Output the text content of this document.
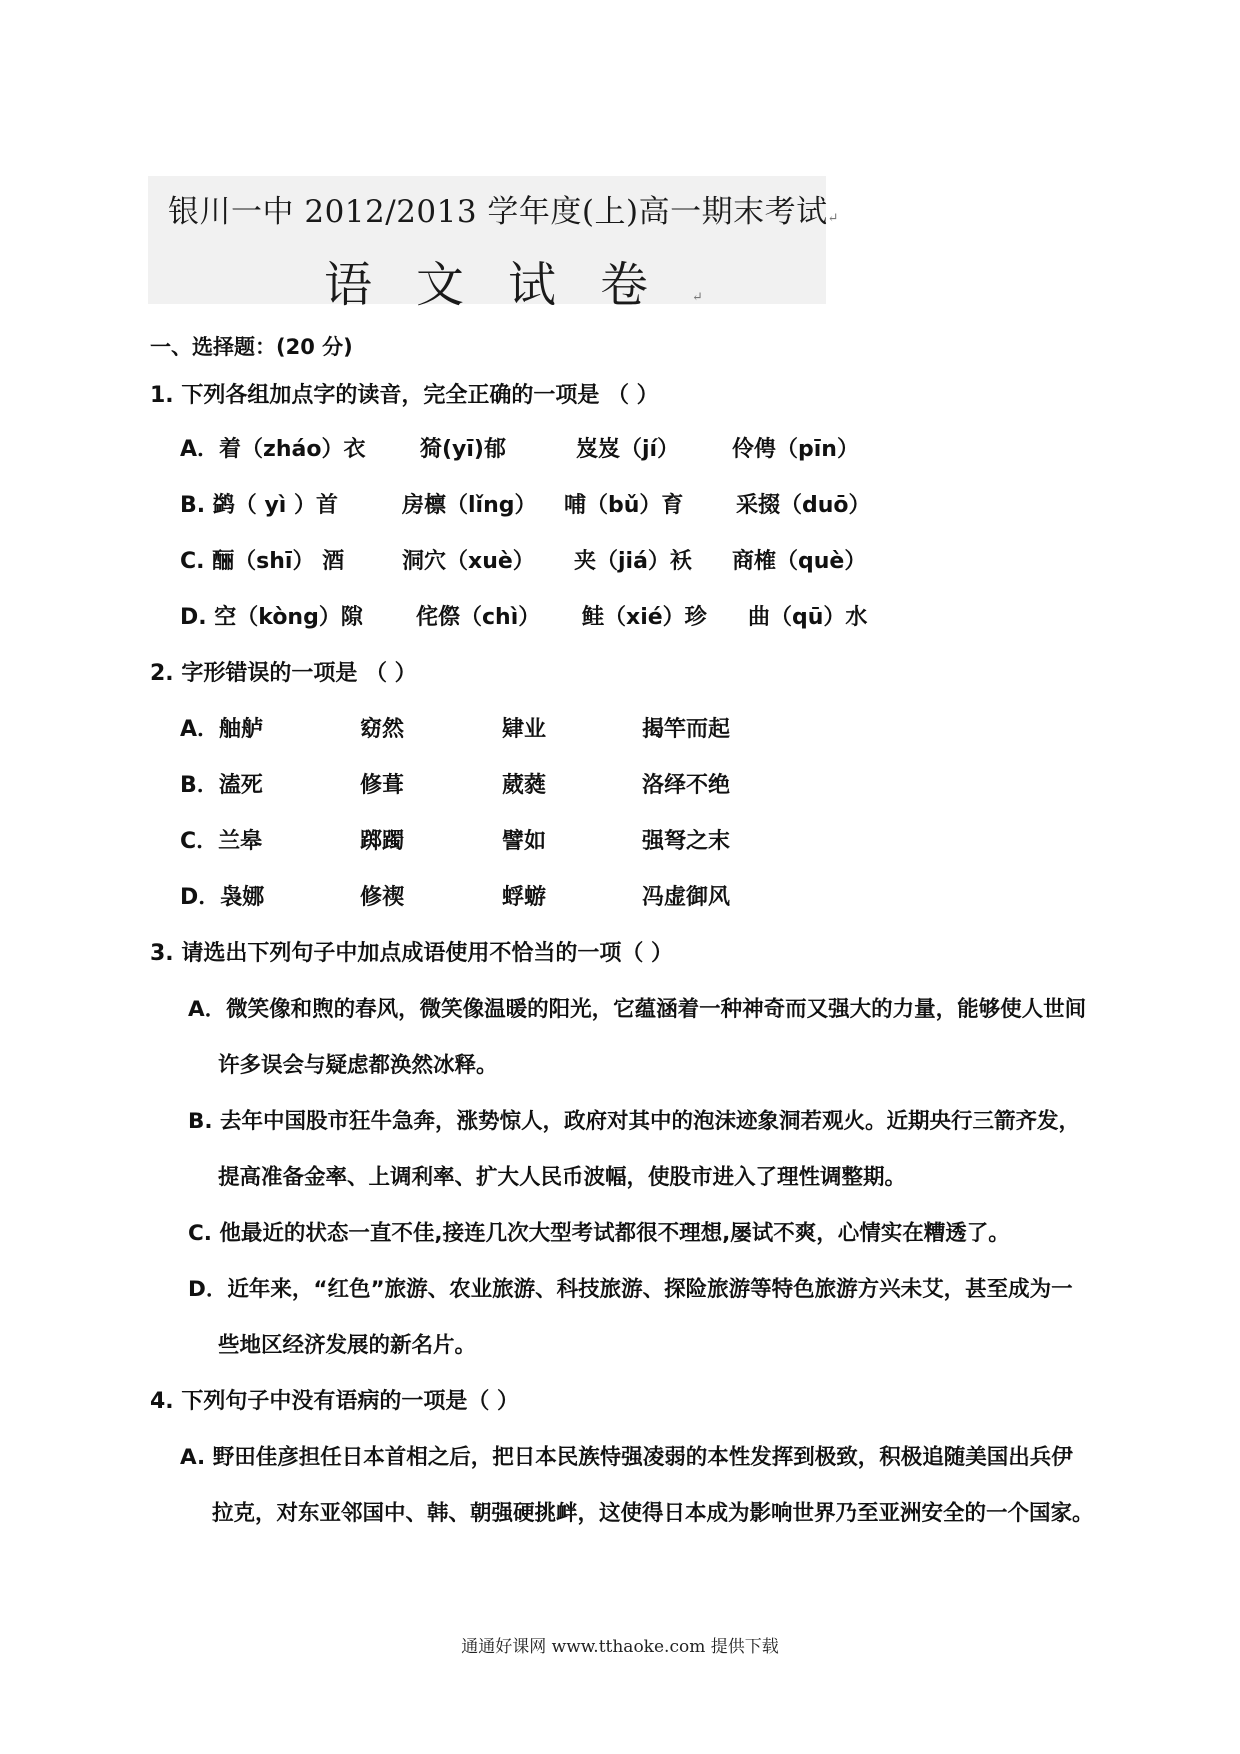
银川一中 2012/2013 学年度(上)高一期末考试↵
语文试卷↵
一、选择题：(20 分)
1. 下列各组加点字的读音，完全正确的一项是 （ ）
A．着（zháo）衣 猗(yī)郁	岌岌（jí） 伶俜（pīn）
B. 鹢（ yì ）首	房檩（lǐng） 哺（bǔ）育 采掇（duō）
C. 酾（shī） 酒	洞穴（xuè） 夹（jiá）袄 商榷（què）
D. 空（kòng）隙 侘傺（chì） 鲑（xié）珍 曲（qū）水
2. 字形错误的一项是 （ ）
A．舳舻	窈然	肄业	揭竿而起
B．溘死	修葺	葳蕤	洛绎不绝
C．兰皋	踯躅	譬如	强弩之末
D．袅娜	修禊	蜉蝣	冯虚御风
3. 请选出下列句子中加点成语使用不恰当的一项（ ）
A．微笑像和煦的春风，微笑像温暖的阳光，它蕴涵着一种神奇而又强大的力量，能够使人世间
许多误会与疑虑都涣然冰释。
B. 去年中国股市狂牛急奔，涨势惊人，政府对其中的泡沫迹象洞若观火。近期央行三箭齐发，
提高准备金率、上调利率、扩大人民币波幅，使股市进入了理性调整期。
C. 他最近的状态一直不佳,接连几次大型考试都很不理想,屡试不爽，心情实在糟透了。
D．近年来，“红色”旅游、农业旅游、科技旅游、探险旅游等特色旅游方兴未艾，甚至成为一
些地区经济发展的新名片。
4. 下列句子中没有语病的一项是（ ）
A. 野田佳彦担任日本首相之后，把日本民族恃强凌弱的本性发挥到极致，积极追随美国出兵伊
拉克，对东亚邻国中、韩、朝强硬挑衅，这使得日本成为影响世界乃至亚洲安全的一个国家。
通通好课网 www.tthaoke.com 提供下载
